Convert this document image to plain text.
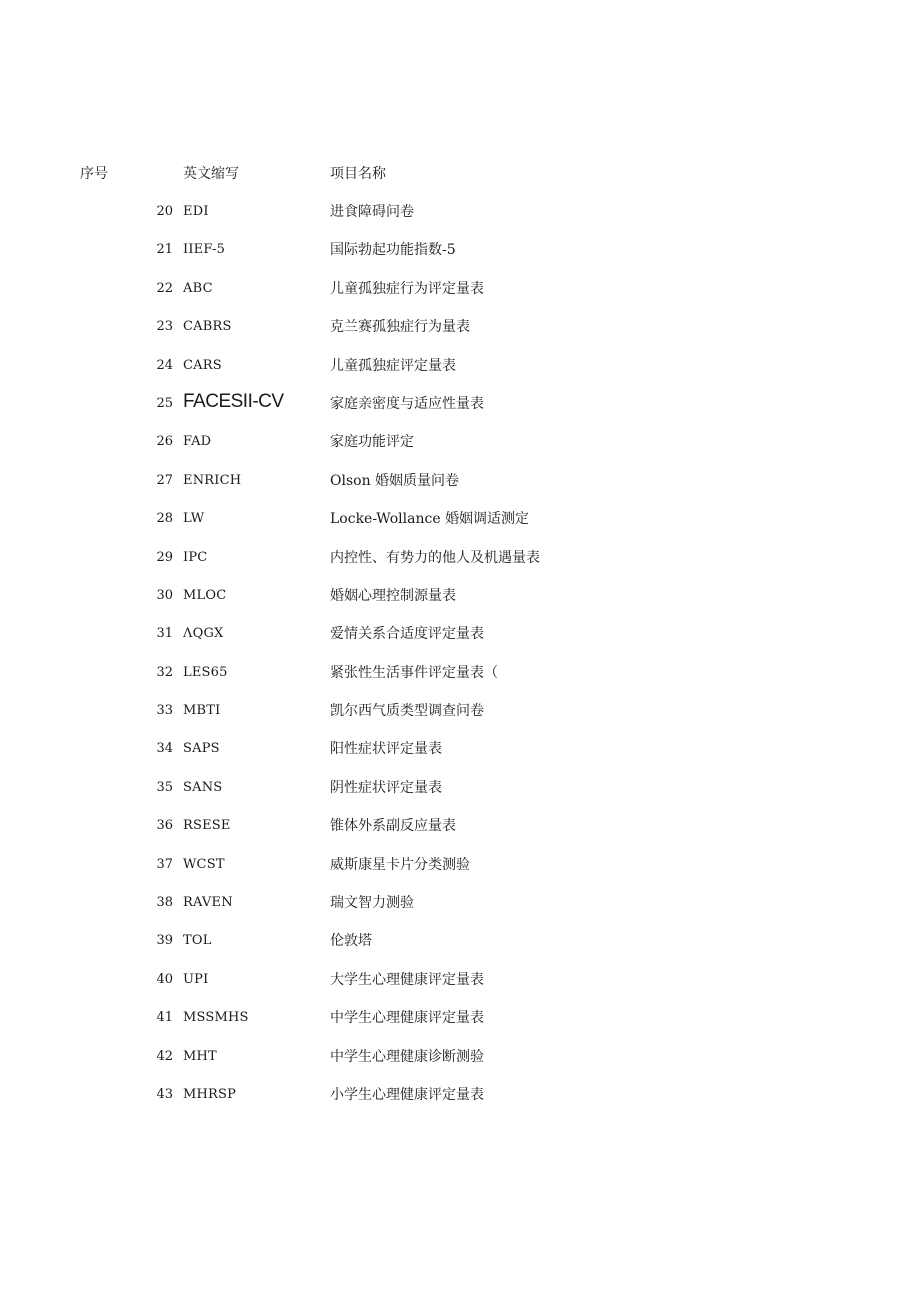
序号	英文缩写	项目名称
20 EDI	进食障碍问卷
21 IIEF-5	国际勃起功能指数-5
22 ABC	儿童孤独症行为评定量表
23 CABRS	克兰赛孤独症行为量表
24 CARS	儿童孤独症评定量表
25 FACESII-CV	家庭亲密度与适应性量表
26 FAD	家庭功能评定
27 ENRICH	Olson 婚姻质量问卷
28 LW	Locke-Wollance 婚姻调适测定
29 IPC	内控性、有势力的他人及机遇量表
30 MLOC	婚姻心理控制源量表
31 ΛQGX	爱情关系合适度评定量表
32 LES65	紧张性生活事件评定量表（
33 MBTI	凯尔西气质类型调查问卷
34 SAPS	阳性症状评定量表
35 SANS	阴性症状评定量表
36 RSESE	锥体外系副反应量表
37 WCST	威斯康星卡片分类测验
38 RAVEN	瑞文智力测验
39 TOL	伦敦塔
40 UPI	大学生心理健康评定量表
41 MSSMHS	中学生心理健康评定量表
42 MHT	中学生心理健康诊断测验
43 MHRSP	小学生心理健康评定量表
